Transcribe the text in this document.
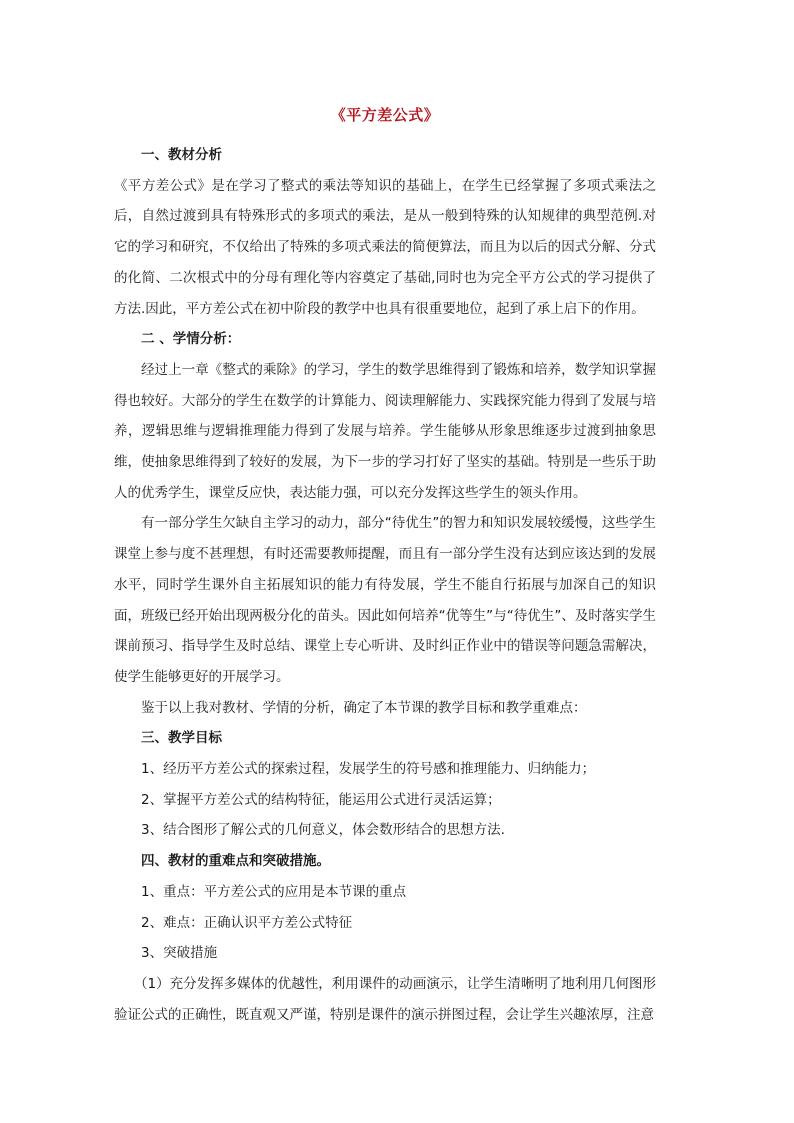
《平方差公式》
一、教材分析

《平方差公式》是在学习了整式的乘法等知识的基础上，在学生已经掌握了多项式乘法之后，自然过渡到具有特殊形式的多项式的乘法，是从一般到特殊的认知规律的典型范例.对它的学习和研究，不仅给出了特殊的多项式乘法的简便算法，而且为以后的因式分解、分式的化简、二次根式中的分母有理化等内容奠定了基础,同时也为完全平方公式的学习提供了方法.因此，平方差公式在初中阶段的教学中也具有很重要地位，起到了承上启下的作用。

二 、学情分析：

经过上一章《整式的乘除》的学习，学生的数学思维得到了锻炼和培养，数学知识掌握得也较好。大部分的学生在数学的计算能力、阅读理解能力、实践探究能力得到了发展与培养，逻辑思维与逻辑推理能力得到了发展与培养。学生能够从形象思维逐步过渡到抽象思维，使抽象思维得到了较好的发展，为下一步的学习打好了坚实的基础。特别是一些乐于助人的优秀学生，课堂反应快，表达能力强，可以充分发挥这些学生的领头作用。

有一部分学生欠缺自主学习的动力，部分“待优生”的智力和知识发展较缓慢，这些学生课堂上参与度不甚理想，有时还需要教师提醒，而且有一部分学生没有达到应该达到的发展水平，同时学生课外自主拓展知识的能力有待发展，学生不能自行拓展与加深自己的知识面，班级已经开始出现两极分化的苗头。因此如何培养“优等生”与“待优生”、及时落实学生课前预习、指导学生及时总结、课堂上专心听讲、及时纠正作业中的错误等问题急需解决，使学生能够更好的开展学习。

鉴于以上我对教材、学情的分析，确定了本节课的教学目标和教学重难点：

三、教学目标
1、经历平方差公式的探索过程，发展学生的符号感和推理能力、归纳能力；
2、掌握平方差公式的结构特征，能运用公式进行灵活运算；
3、结合图形了解公式的几何意义，体会数形结合的思想方法.
四、教材的重难点和突破措施。
1、重点：平方差公式的应用是本节课的重点
2、难点：正确认识平方差公式特征
3、突破措施

（1）充分发挥多媒体的优越性，利用课件的动画演示，让学生清晰明了地利用几何图形验证公式的正确性，既直观又严谨，特别是课件的演示拼图过程，会让学生兴趣浓厚，注意
